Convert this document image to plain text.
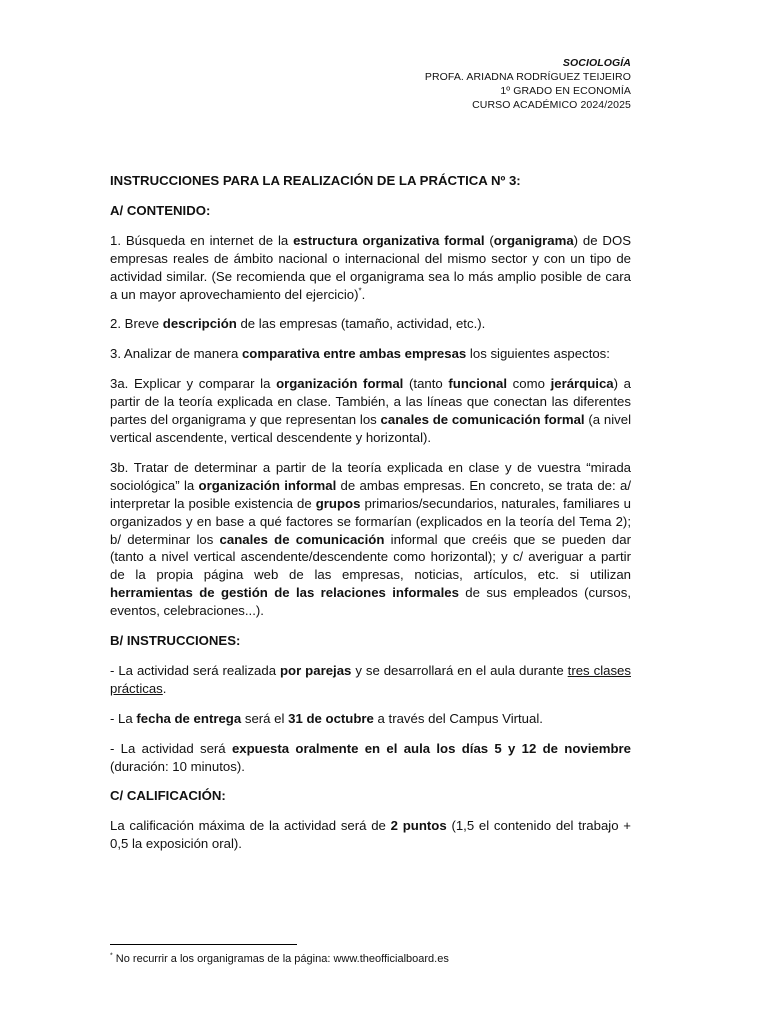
SOCIOLOGÍA
PROFA. ARIADNA RODRÍGUEZ TEIJEIRO
1º GRADO EN ECONOMÍA
CURSO ACADÉMICO 2024/2025

INSTRUCCIONES PARA LA REALIZACIÓN DE LA PRÁCTICA Nº 3:

A/ CONTENIDO:

1. Búsqueda en internet de la estructura organizativa formal (organigrama) de DOS empresas reales de ámbito nacional o internacional del mismo sector y con un tipo de actividad similar. (Se recomienda que el organigrama sea lo más amplio posible de cara a un mayor aprovechamiento del ejercicio)*.

2. Breve descripción de las empresas (tamaño, actividad, etc.).

3. Analizar de manera comparativa entre ambas empresas los siguientes aspectos:

3a. Explicar y comparar la organización formal (tanto funcional como jerárquica) a partir de la teoría explicada en clase. También, a las líneas que conectan las diferentes partes del organigrama y que representan los canales de comunicación formal (a nivel vertical ascendente, vertical descendente y horizontal).

3b. Tratar de determinar a partir de la teoría explicada en clase y de vuestra “mirada sociológica” la organización informal de ambas empresas. En concreto, se trata de: a/ interpretar la posible existencia de grupos primarios/secundarios, naturales, familiares u organizados y en base a qué factores se formarían (explicados en la teoría del Tema 2); b/ determinar los canales de comunicación informal que creéis que se pueden dar (tanto a nivel vertical ascendente/descendente como horizontal); y c/ averiguar a partir de la propia página web de las empresas, noticias, artículos, etc. si utilizan herramientas de gestión de las relaciones informales de sus empleados (cursos, eventos, celebraciones...).

B/ INSTRUCCIONES:

- La actividad será realizada por parejas y se desarrollará en el aula durante tres clases prácticas.

- La fecha de entrega será el 31 de octubre a través del Campus Virtual.

- La actividad será expuesta oralmente en el aula los días 5 y 12 de noviembre (duración: 10 minutos).

C/ CALIFICACIÓN:

La calificación máxima de la actividad será de 2 puntos (1,5 el contenido del trabajo + 0,5 la exposición oral).

* No recurrir a los organigramas de la página: www.theofficialboard.es
